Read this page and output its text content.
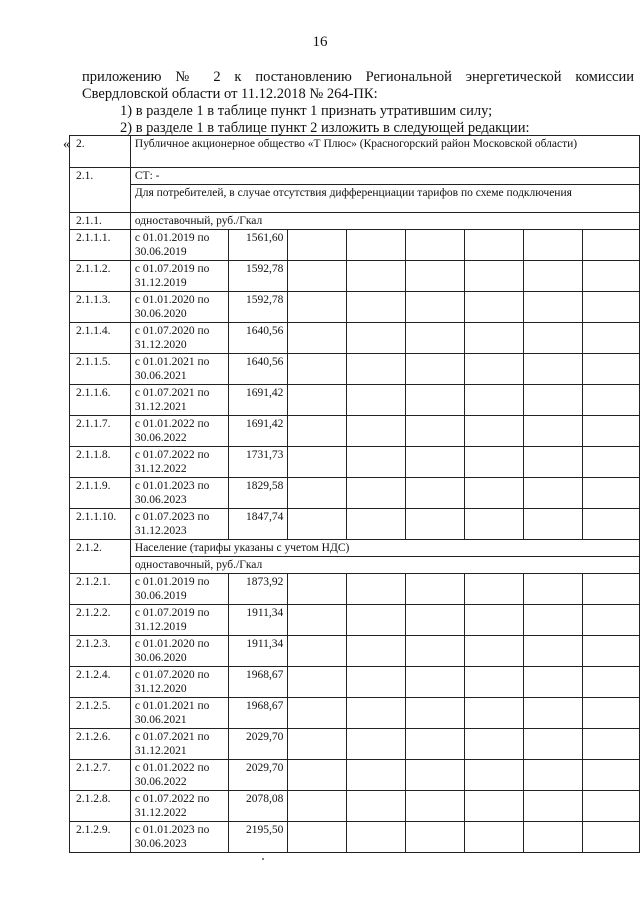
16
приложению № 2 к постановлению Региональной энергетической комиссии
Свердловской области от 11.12.2018 № 264-ПК:
1) в разделе 1 в таблице пункт 1 признать утратившим силу;
2) в разделе 1 в таблице пункт 2 изложить в следующей редакции:
« 2.	Публичное акционерное общество «Т Плюс» (Красногорский район Московской области)							
2.1.	СТ: -							
	Для потребителей, в случае отсутствия дифференциации тарифов по схеме подключения							
2.1.1.	одноставочный, руб./Гкал							
2.1.1.1.	с 01.01.2019 по 30.06.2019	1561,60						
2.1.1.2.	с 01.07.2019 по 31.12.2019	1592,78						
2.1.1.3.	с 01.01.2020 по 30.06.2020	1592,78						
2.1.1.4.	с 01.07.2020 по 31.12.2020	1640,56						
2.1.1.5.	с 01.01.2021 по 30.06.2021	1640,56						
2.1.1.6.	с 01.07.2021 по 31.12.2021	1691,42						
2.1.1.7.	с 01.01.2022 по 30.06.2022	1691,42						
2.1.1.8.	с 01.07.2022 по 31.12.2022	1731,73						
2.1.1.9.	с 01.01.2023 по 30.06.2023	1829,58						
2.1.1.10.	с 01.07.2023 по 31.12.2023	1847,74						
2.1.2.	Население (тарифы указаны с учетом НДС)							
	одноставочный, руб./Гкал							
2.1.2.1.	с 01.01.2019 по 30.06.2019	1873,92						
2.1.2.2.	с 01.07.2019 по 31.12.2019	1911,34						
2.1.2.3.	с 01.01.2020 по 30.06.2020	1911,34						
2.1.2.4.	с 01.07.2020 по 31.12.2020	1968,67						
2.1.2.5.	с 01.01.2021 по 30.06.2021	1968,67						
2.1.2.6.	с 01.07.2021 по 31.12.2021	2029,70						
2.1.2.7.	с 01.01.2022 по 30.06.2022	2029,70						
2.1.2.8.	с 01.07.2022 по 31.12.2022	2078,08						
2.1.2.9.	с 01.01.2023 по 30.06.2023	2195,50						
